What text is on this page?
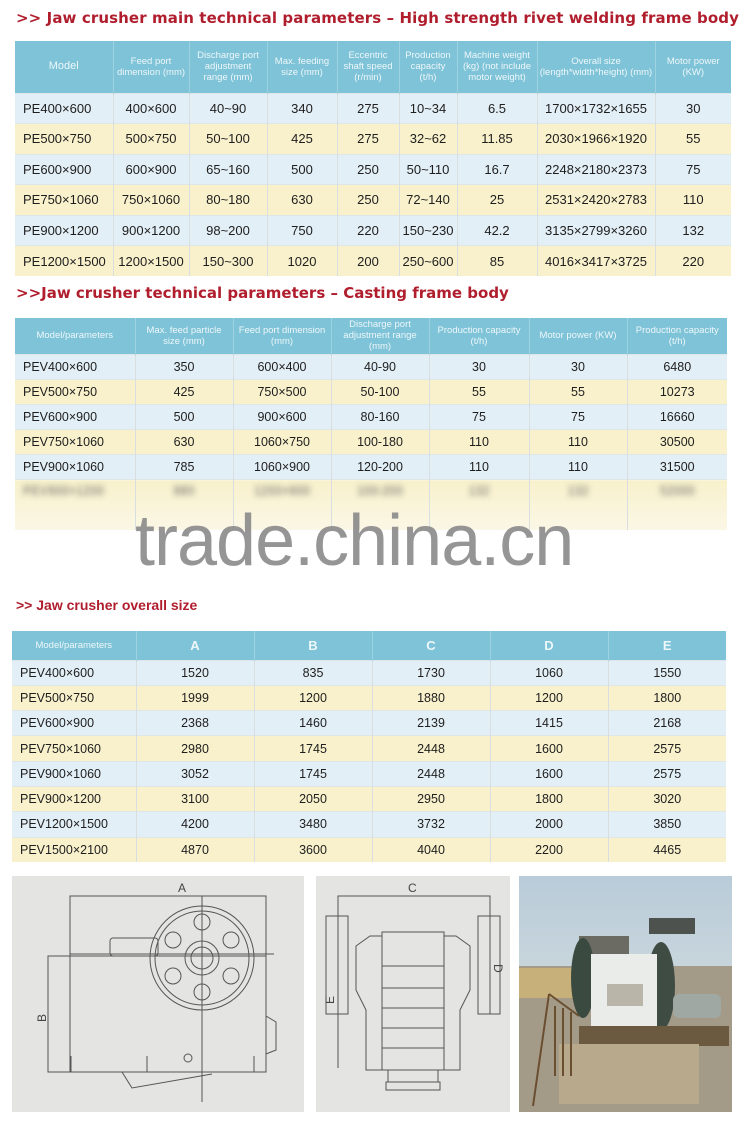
>> Jaw crusher main technical parameters – High strength rivet welding frame body
Model	Feed port dimension (mm)	Discharge port adjustment range (mm)	Max. feeding size (mm)	Eccentric shaft speed (r/min)	Production capacity (t/h)	Machine weight (kg) (not include motor weight)	Overall size (length*width*height) (mm)	Motor power (KW)
PE400×600	400×600	40~90	340	275	10~34	6.5	1700×1732×1655	30
PE500×750	500×750	50~100	425	275	32~62	11.85	2030×1966×1920	55
PE600×900	600×900	65~160	500	250	50~110	16.7	2248×2180×2373	75
PE750×1060	750×1060	80~180	630	250	72~140	25	2531×2420×2783	110
PE900×1200	900×1200	98~200	750	220	150~230	42.2	3135×2799×3260	132
PE1200×1500	1200×1500	150~300	1020	200	250~600	85	4016×3417×3725	220
>>Jaw crusher technical parameters – Casting frame body
Model/parameters	Max. feed particle size (mm)	Feed port dimension (mm)	Discharge port adjustment range (mm)	Production capacity (t/h)	Motor power (KW)	Production capacity (t/h)
PEV400×600	350	600×400	40-90	30	30	6480
PEV500×750	425	750×500	50-100	55	55	10273
PEV600×900	500	900×600	80-160	75	75	16660
PEV750×1060	630	1060×750	100-180	110	110	30500
PEV900×1060	785	1060×900	120-200	110	110	31500
PEV900×1200	880	1200×900	100-200	132	132	52000
trade.china.cn
>> Jaw crusher overall size
Model/parameters	A	B	C	D	E
PEV400×600	1520	835	1730	1060	1550
PEV500×750	1999	1200	1880	1200	1800
PEV600×900	2368	1460	2139	1415	2168
PEV750×1060	2980	1745	2448	1600	2575
PEV900×1060	3052	1745	2448	1600	2575
PEV900×1200	3100	2050	2950	1800	3020
PEV1200×1500	4200	3480	3732	2000	3850
PEV1500×2100	4870	3600	4040	2200	4465
A
B
C
D
E
